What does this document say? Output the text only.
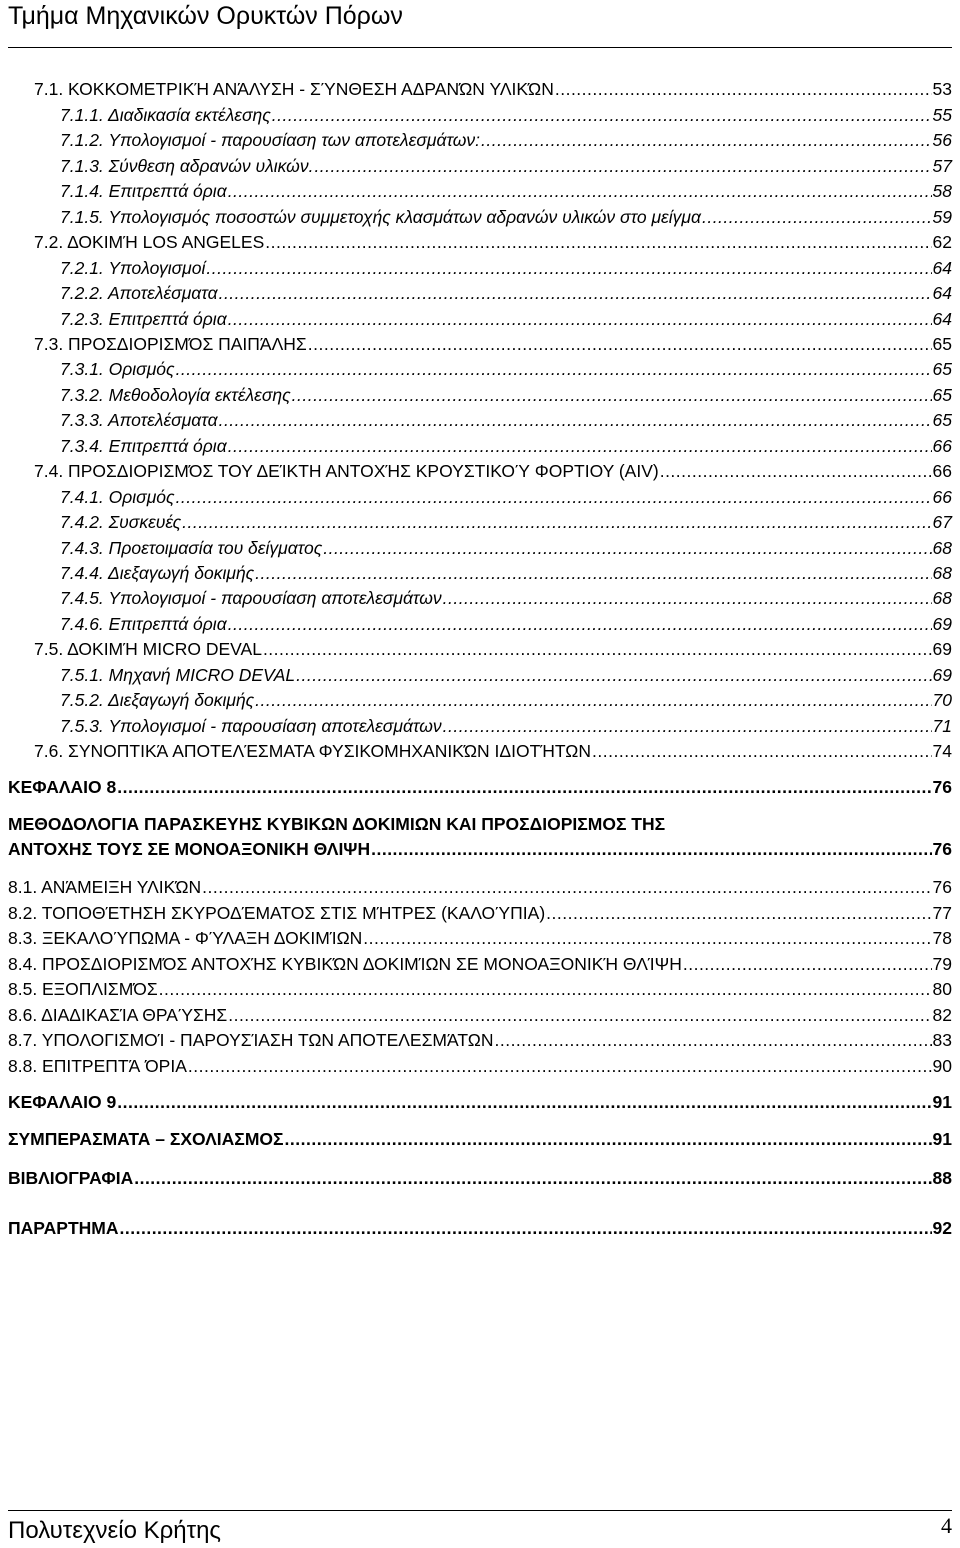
Τμήμα Μηχανικών Ορυκτών Πόρων
7.1. ΚΟΚΚΟΜΕΤΡΙΚΉ ΑΝΆΛΥΣΗ - ΣΎΝΘΕΣΗ ΑΔΡΑΝΏΝ ΥΛΙΚΏΝ .....	53
7.1.1. Διαδικασία εκτέλεσης .....	55
7.1.2. Υπολογισμοί - παρουσίαση των αποτελεσμάτων: .....	56
7.1.3. Σύνθεση αδρανών υλικών. .....	57
7.1.4. Επιτρεπτά όρια .....	58
7.1.5. Υπολογισμός ποσοστών συμμετοχής κλασμάτων αδρανών υλικών στο μείγμα .....	59
7.2. ΔΟΚΙΜΉ LOS ANGELES .....	62
7.2.1. Υπολογισμοί .....	64
7.2.2. Αποτελέσματα .....	64
7.2.3. Επιτρεπτά όρια .....	64
7.3. ΠΡΟΣΔΙΟΡΙΣΜΌΣ ΠΑΙΠΆΛΗΣ .....	65
7.3.1. Ορισμός .....	65
7.3.2. Μεθοδολογία εκτέλεσης .....	65
7.3.3. Αποτελέσματα .....	65
7.3.4. Επιτρεπτά όρια .....	66
7.4. ΠΡΟΣΔΙΟΡΙΣΜΌΣ ΤΟΥ ΔΕΊΚΤΗ ΑΝΤΟΧΉΣ ΚΡΟΥΣΤΙΚΟΎ ΦΟΡΤΙΟΥ (AIV) .....	66
7.4.1. Ορισμός .....	66
7.4.2. Συσκευές .....	67
7.4.3. Προετοιμασία του δείγματος .....	68
7.4.4. Διεξαγωγή δοκιμής .....	68
7.4.5. Υπολογισμοί - παρουσίαση αποτελεσμάτων .....	68
7.4.6. Επιτρεπτά όρια .....	69
7.5. ΔΟΚΙΜΉ MICRO DEVAL .....	69
7.5.1. Μηχανή MICRO DEVAL .....	69
7.5.2. Διεξαγωγή δοκιμής .....	70
7.5.3. Υπολογισμοί - παρουσίαση αποτελεσμάτων .....	71
7.6. ΣΥΝΟΠΤΙΚΆ ΑΠΟΤΕΛΈΣΜΑΤΑ ΦΥΣΙΚΟΜΗΧΑΝΙΚΏΝ ΙΔΙΟΤΉΤΩΝ .....	74
ΚΕΦΑΛΑΙΟ 8 .....	76
ΜΕΘΟΔΟΛΟΓΙΑ ΠΑΡΑΣΚΕΥΗΣ ΚΥΒΙΚΩΝ ΔΟΚΙΜΙΩΝ ΚΑΙ ΠΡΟΣΔΙΟΡΙΣΜΟΣ ΤΗΣ
ΑΝΤΟΧΗΣ ΤΟΥΣ ΣΕ ΜΟΝΟΑΞΟΝΙΚΗ ΘΛΙΨΗ .....	76
8.1. ΑΝΆΜΕΙΞΗ ΥΛΙΚΏΝ .....	76
8.2. ΤΟΠΟΘΈΤΗΣΗ ΣΚΥΡΟΔΈΜΑΤΟΣ ΣΤΙΣ ΜΉΤΡΕΣ (ΚΑΛΟΎΠΙΑ) .....	77
8.3. ΞΕΚΑΛΟΎΠΩΜΑ - ΦΎΛΑΞΗ ΔΟΚΙΜΊΩΝ .....	78
8.4. ΠΡΟΣΔΙΟΡΙΣΜΌΣ ΑΝΤΟΧΉΣ ΚΥΒΙΚΏΝ ΔΟΚΙΜΊΩΝ ΣΕ ΜΟΝΟΑΞΟΝΙΚΉ ΘΛΊΨΗ .....	79
8.5. ΕΞΟΠΛΙΣΜΌΣ .....	80
8.6. ΔΙΑΔΙΚΑΣΊΑ ΘΡΑΎΣΗΣ .....	82
8.7. ΥΠΟΛΟΓΙΣΜΟΊ - ΠΑΡΟΥΣΊΑΣΗ ΤΩΝ ΑΠΟΤΕΛΕΣΜΆΤΩΝ .....	83
8.8. ΕΠΙΤΡΕΠΤΆ ΌΡΙΑ .....	90
ΚΕΦΑΛΑΙΟ 9 .....	91
ΣΥΜΠΕΡΑΣΜΑΤΑ – ΣΧΟΛΙΑΣΜΟΣ .....	91
ΒΙΒΛΙΟΓΡΑΦΙΑ .....	88
ΠΑΡΑΡΤΗΜΑ .....	92
Πολυτεχνείο Κρήτης	4
